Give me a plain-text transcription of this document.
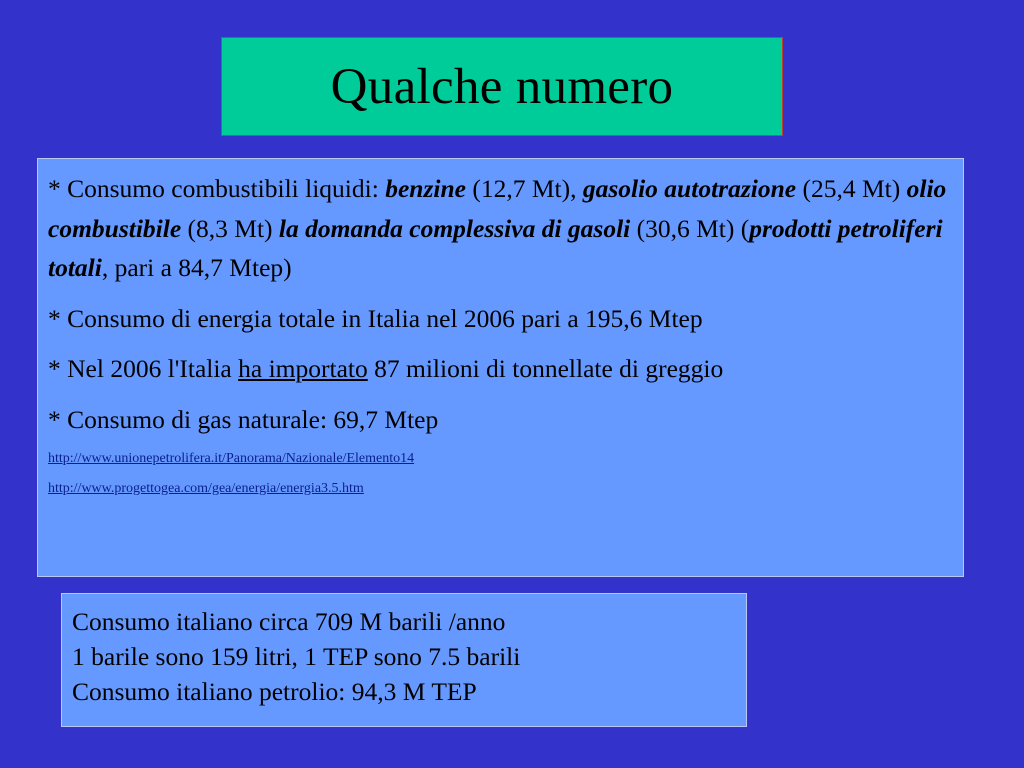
Qualche numero

* Consumo combustibili liquidi: benzine (12,7 Mt), gasolio autotrazione (25,4 Mt) olio combustibile (8,3 Mt) la domanda complessiva di gasoli (30,6 Mt) (prodotti petroliferi totali, pari a 84,7 Mtep)

* Consumo di energia totale in Italia nel 2006 pari a 195,6 Mtep

* Nel 2006 l'Italia ha importato 87 milioni di tonnellate di greggio

* Consumo di gas naturale: 69,7 Mtep

http://www.unionepetrolifera.it/Panorama/Nazionale/Elemento14

http://www.progettogea.com/gea/energia/energia3.5.htm

Consumo italiano circa 709 M barili /anno

1 barile sono 159 litri, 1 TEP sono 7.5 barili

Consumo italiano petrolio: 94,3 M TEP
